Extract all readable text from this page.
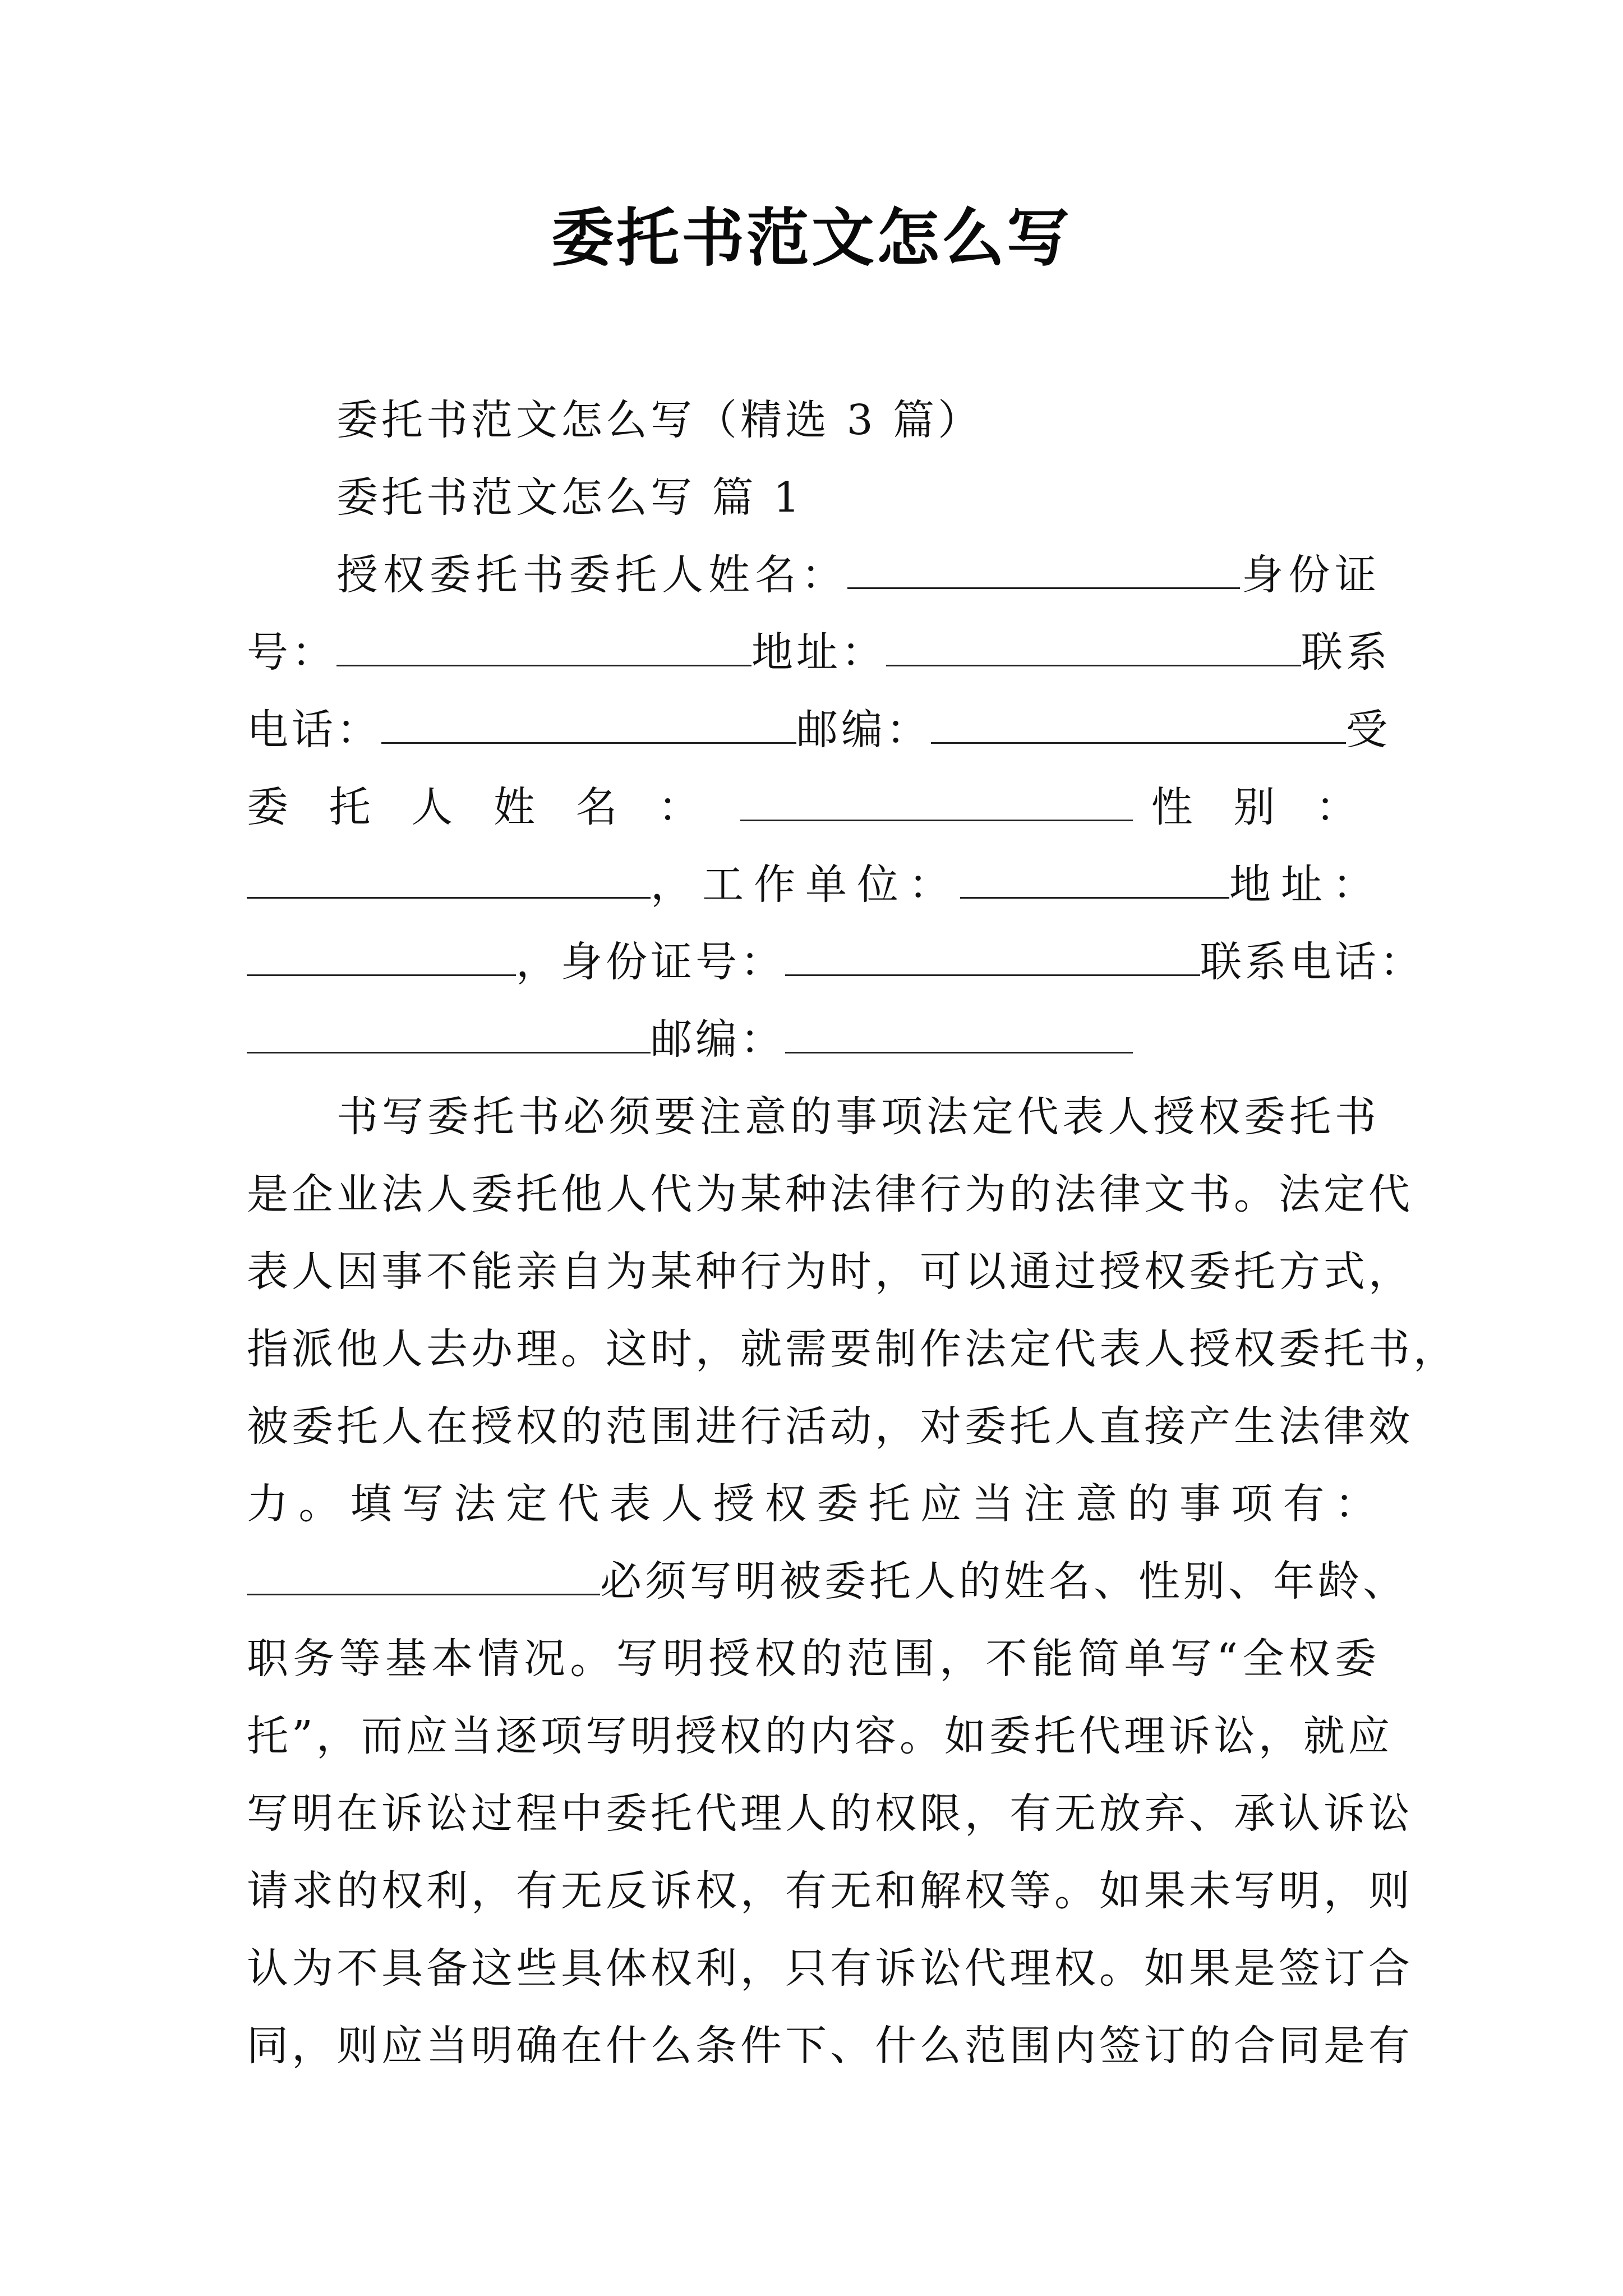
委托书范文怎么写
委托书范文怎么写（精选 3 篇）
委托书范文怎么写 篇 1
授权委托书委托人姓名：	身份证
号：	地址：	联系
电话：	邮编：	受
委托人姓名：	性别：
，工作单位：	地址：
，身份证号：	联系电话：
邮编：
书写委托书必须要注意的事项法定代表人授权委托书
是企业法人委托他人代为某种法律行为的法律文书。法定代
表人因事不能亲自为某种行为时，可以通过授权委托方式，
指派他人去办理。这时，就需要制作法定代表人授权委托书，
被委托人在授权的范围进行活动，对委托人直接产生法律效
力。填写法定代表人授权委托应当注意的事项有：
必须写明被委托人的姓名、性别、年龄、
职务等基本情况。写明授权的范围，不能简单写“全权委
托”，而应当逐项写明授权的内容。如委托代理诉讼，就应
写明在诉讼过程中委托代理人的权限，有无放弃、承认诉讼
请求的权利，有无反诉权，有无和解权等。如果未写明，则
认为不具备这些具体权利，只有诉讼代理权。如果是签订合
同，则应当明确在什么条件下、什么范围内签订的合同是有
